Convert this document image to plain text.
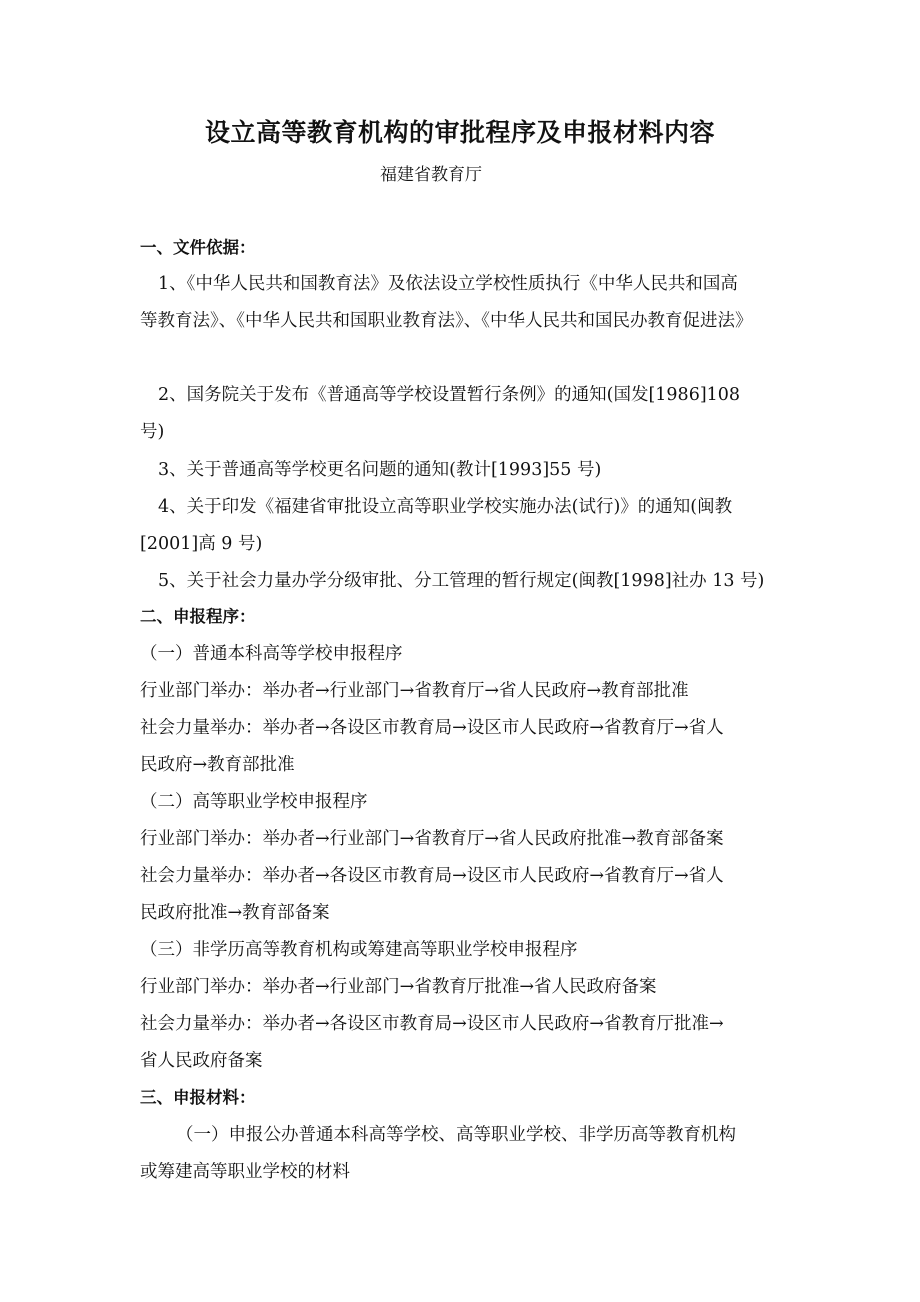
设立高等教育机构的审批程序及申报材料内容

福建省教育厅

一、文件依据：

1、《中华人民共和国教育法》及依法设立学校性质执行《中华人民共和国高

等教育法》、《中华人民共和国职业教育法》、《中华人民共和国民办教育促进法》

2、国务院关于发布《普通高等学校设置暂行条例》的通知(国发[1986]108

号)

3、关于普通高等学校更名问题的通知(教计[1993]55 号)

4、关于印发《福建省审批设立高等职业学校实施办法(试行)》的通知(闽教

[2001]高 9 号)

5、关于社会力量办学分级审批、分工管理的暂行规定(闽教[1998]社办 13 号)

二、申报程序：

（一）普通本科高等学校申报程序

行业部门举办：举办者→行业部门→省教育厅→省人民政府→教育部批准

社会力量举办：举办者→各设区市教育局→设区市人民政府→省教育厅→省人

民政府→教育部批准

（二）高等职业学校申报程序

行业部门举办：举办者→行业部门→省教育厅→省人民政府批准→教育部备案

社会力量举办：举办者→各设区市教育局→设区市人民政府→省教育厅→省人

民政府批准→教育部备案

（三）非学历高等教育机构或筹建高等职业学校申报程序

行业部门举办：举办者→行业部门→省教育厅批准→省人民政府备案

社会力量举办：举办者→各设区市教育局→设区市人民政府→省教育厅批准→

省人民政府备案

三、申报材料：

（一）申报公办普通本科高等学校、高等职业学校、非学历高等教育机构

或筹建高等职业学校的材料
